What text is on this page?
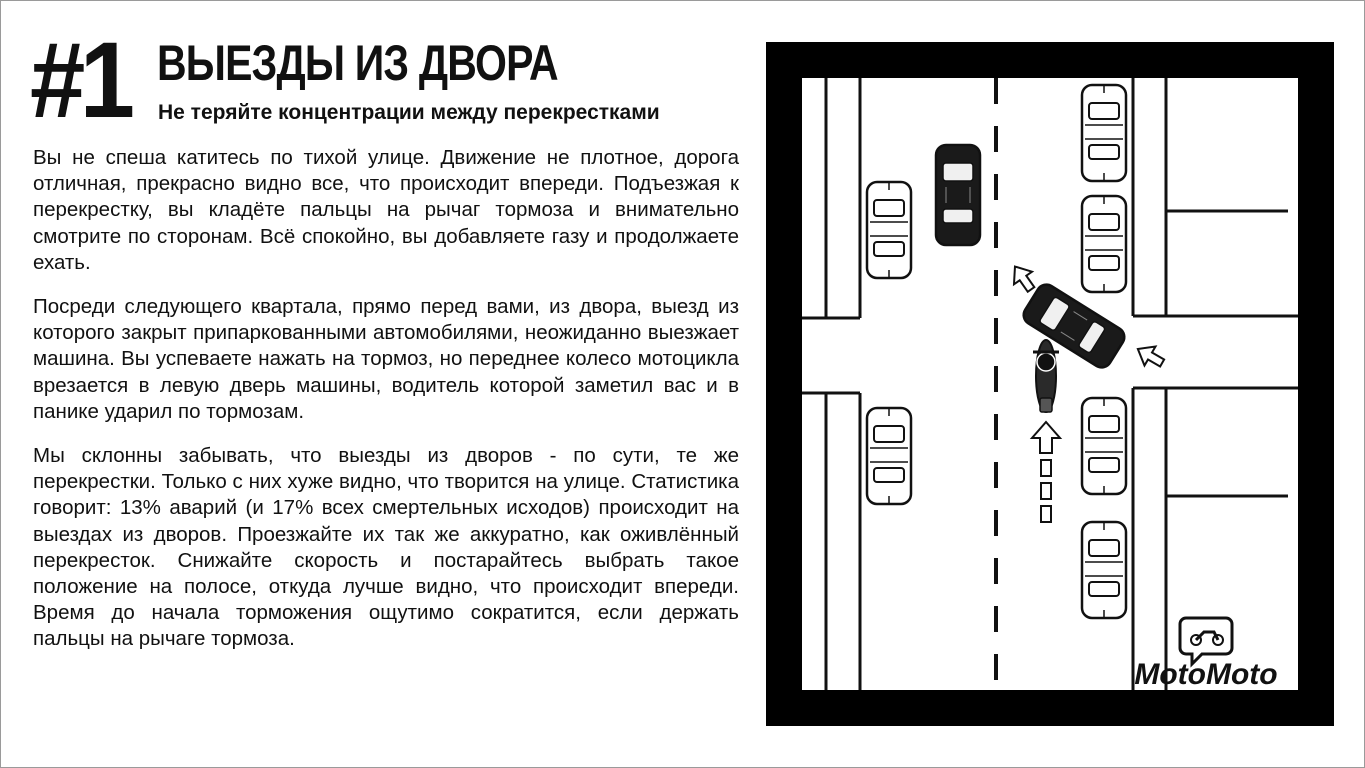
#1 ВЫЕЗДЫ ИЗ ДВОРА
Не теряйте концентрации между перекрестками

Вы не спеша катитесь по тихой улице. Движение не плотное, дорога отличная, прекрасно видно все, что происходит впереди. Подъезжая к перекрестку, вы кладёте пальцы на рычаг тормоза и внимательно смотрите по сторонам. Всё спокойно, вы добавляете газу и продолжаете ехать.

Посреди следующего квартала, прямо перед вами, из двора, выезд из которого закрыт припаркованными автомобилями, неожиданно выезжает машина. Вы успеваете нажать на тормоз, но переднее колесо мотоцикла врезается в левую дверь машины, водитель которой заметил вас и в панике ударил по тормозам.

Мы склонны забывать, что выезды из дворов - по сути, те же перекрестки. Только с них хуже видно, что творится на улице. Статистика говорит: 13% аварий (и 17% всех смертельных исходов) происходит на выездах из дворов. Проезжайте их так же аккуратно, как оживлённый перекресток. Снижайте скорость и постарайтесь выбрать такое положение на полосе, откуда лучше видно, что происходит впереди. Время до начала торможения ощутимо сократится, если держать пальцы на рычаге тормоза.

MotoMoto
